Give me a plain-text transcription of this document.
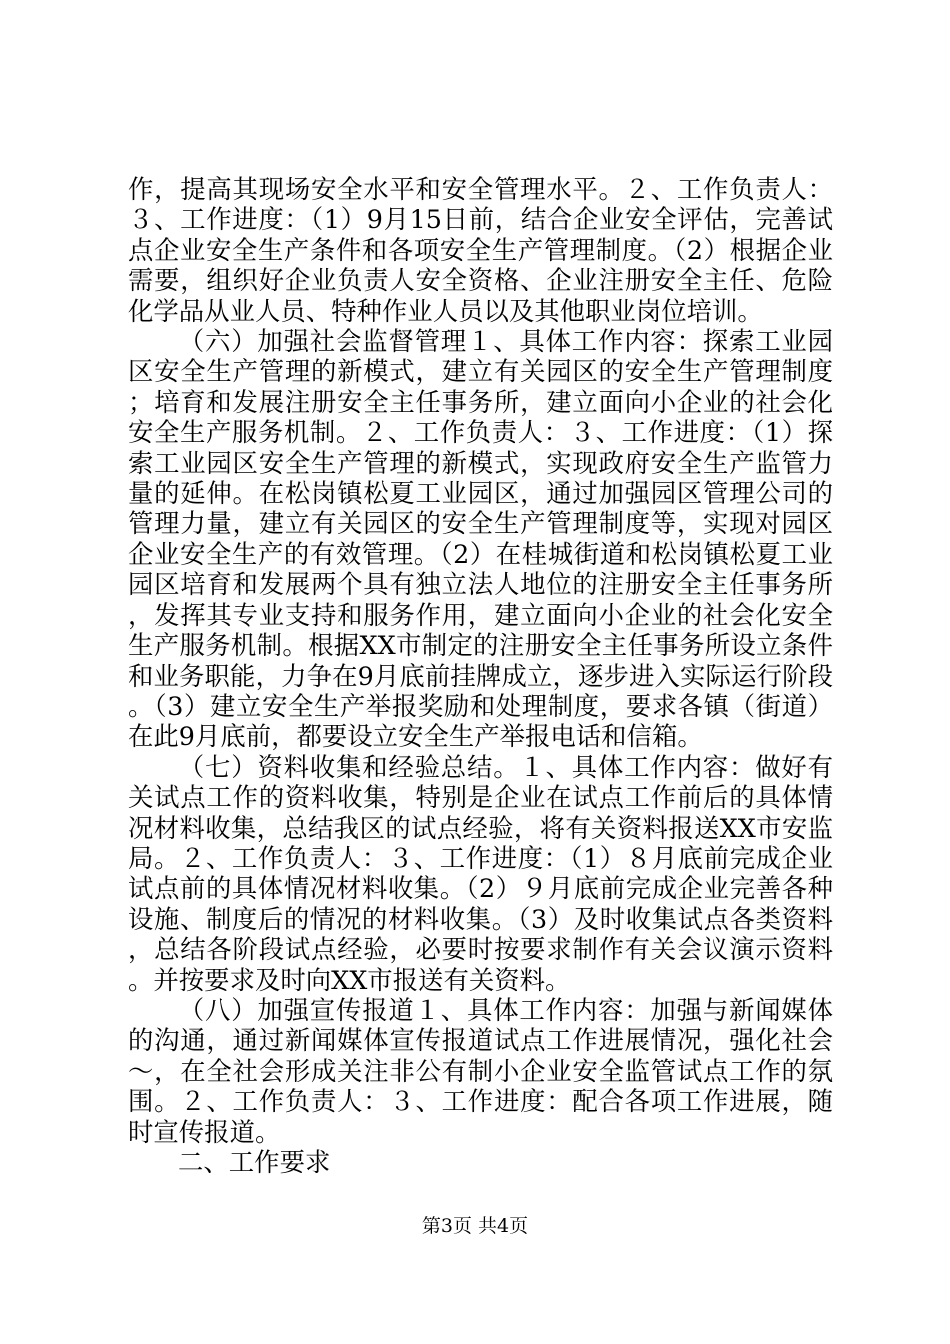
作，提高其现场安全水平和安全管理水平。２、工作负责人：３、工作进度：（1）9月15日前，结合企业安全评估，完善试点企业安全生产条件和各项安全生产管理制度。（2）根据企业需要，组织好企业负责人安全资格、企业注册安全主任、危险化学品从业人员、特种作业人员以及其他职业岗位培训。

（六）加强社会监督管理１、具体工作内容：探索工业园区安全生产管理的新模式，建立有关园区的安全生产管理制度；培育和发展注册安全主任事务所，建立面向小企业的社会化安全生产服务机制。２、工作负责人：３、工作进度：（1）探索工业园区安全生产管理的新模式，实现政府安全生产监管力量的延伸。在松岗镇松夏工业园区，通过加强园区管理公司的管理力量，建立有关园区的安全生产管理制度等，实现对园区企业安全生产的有效管理。（2）在桂城街道和松岗镇松夏工业园区培育和发展两个具有独立法人地位的注册安全主任事务所，发挥其专业支持和服务作用，建立面向小企业的社会化安全生产服务机制。根据XX市制定的注册安全主任事务所设立条件和业务职能，力争在9月底前挂牌成立，逐步进入实际运行阶段。（3）建立安全生产举报奖励和处理制度，要求各镇（街道）在此9月底前，都要设立安全生产举报电话和信箱。

（七）资料收集和经验总结。１、具体工作内容：做好有关试点工作的资料收集，特别是企业在试点工作前后的具体情况材料收集，总结我区的试点经验，将有关资料报送XX市安监局。２、工作负责人：３、工作进度：（1）８月底前完成企业试点前的具体情况材料收集。（2）９月底前完成企业完善各种设施、制度后的情况的材料收集。（3）及时收集试点各类资料，总结各阶段试点经验，必要时按要求制作有关会议演示资料。并按要求及时向XX市报送有关资料。

（八）加强宣传报道１、具体工作内容：加强与新闻媒体的沟通，通过新闻媒体宣传报道试点工作进展情况，强化社会～，在全社会形成关注非公有制小企业安全监管试点工作的氛围。２、工作负责人：３、工作进度：配合各项工作进展，随时宣传报道。

二、工作要求

第3页 共4页
